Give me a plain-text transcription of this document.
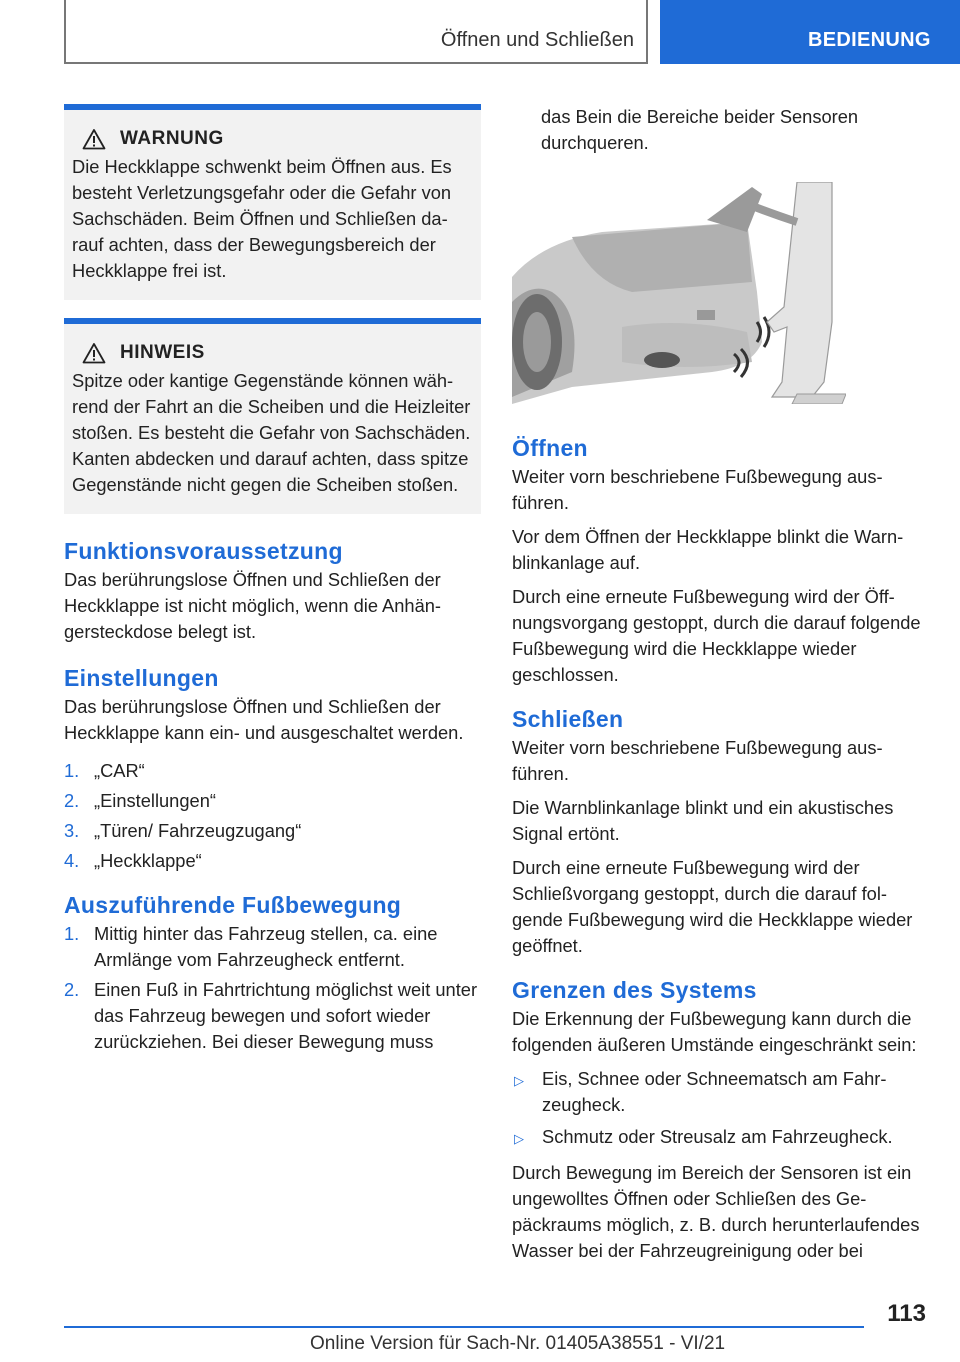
Öffnen und Schließen	BEDIENUNG
WARNUNG

Die Heckklappe schwenkt beim Öffnen aus. Es besteht Verletzungsgefahr oder die Gefahr von Sachschäden. Beim Öffnen und Schließen darauf achten, dass der Bewegungsbereich der Heckklappe frei ist.

HINWEIS

Spitze oder kantige Gegenstände können während der Fahrt an die Scheiben und die Heizleiter stoßen. Es besteht die Gefahr von Sachschäden. Kanten abdecken und darauf achten, dass spitze Gegenstände nicht gegen die Scheiben stoßen.

Funktionsvoraussetzung

Das berührungslose Öffnen und Schließen der Heckklappe ist nicht möglich, wenn die Anhängersteckdose belegt ist.

Einstellungen

Das berührungslose Öffnen und Schließen der Heckklappe kann ein- und ausgeschaltet werden.

1. „CAR“
2. „Einstellungen“
3. „Türen/ Fahrzeugzugang“
4. „Heckklappe“
Auszuführende Fußbewegung
1. Mittig hinter das Fahrzeug stellen, ca. eine Armlänge vom Fahrzeugheck entfernt.
2. Einen Fuß in Fahrtrichtung möglichst weit unter das Fahrzeug bewegen und sofort wieder zurückziehen. Bei dieser Bewegung muss

das Bein die Bereiche beider Sensoren durchqueren.

Öffnen

Weiter vorn beschriebene Fußbewegung ausführen.

Vor dem Öffnen der Heckklappe blinkt die Warnblinkanlage auf.

Durch eine erneute Fußbewegung wird der Öffnungsvorgang gestoppt, durch die darauf folgende Fußbewegung wird die Heckklappe wieder geschlossen.

Schließen

Weiter vorn beschriebene Fußbewegung ausführen.

Die Warnblinkanlage blinkt und ein akustisches Signal ertönt.

Durch eine erneute Fußbewegung wird der Schließvorgang gestoppt, durch die darauf folgende Fußbewegung wird die Heckklappe wieder geöffnet.

Grenzen des Systems

Die Erkennung der Fußbewegung kann durch die folgenden äußeren Umstände eingeschränkt sein:

▷ Eis, Schnee oder Schneematsch am Fahrzeugheck.
▷ Schmutz oder Streusalz am Fahrzeugheck.

Durch Bewegung im Bereich der Sensoren ist ein ungewolltes Öffnen oder Schließen des Gepäckraums möglich, z. B. durch herunterlaufendes Wasser bei der Fahrzeugreinigung oder bei

113
Online Version für Sach-Nr. 01405A38551 - VI/21
